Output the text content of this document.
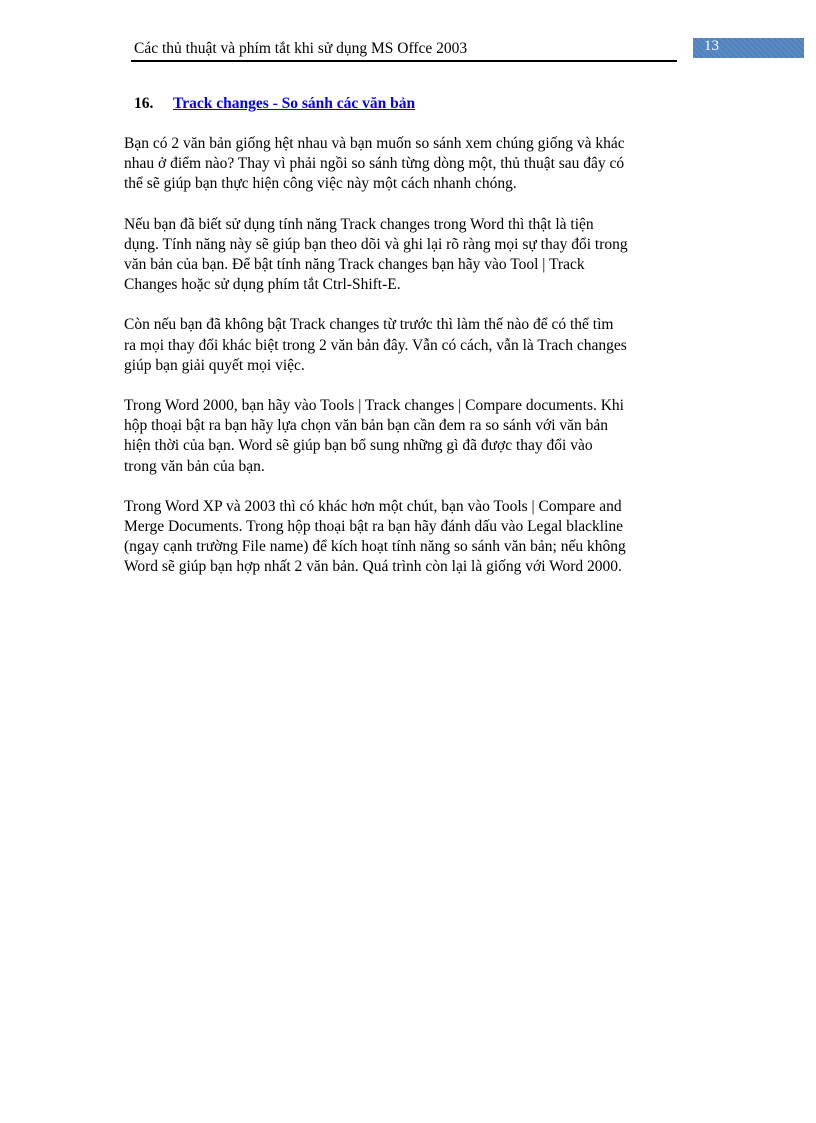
Các thủ thuật và phím tắt khi sử dụng MS Offce 2003	13
16. Track changes - So sánh các văn bản

Bạn có 2 văn bản giống hệt nhau và bạn muốn so sánh xem chúng giống và khác
nhau ở điểm nào? Thay vì phải ngồi so sánh từng dòng một, thủ thuật sau đây có
thể sẽ giúp bạn thực hiện công việc này một cách nhanh chóng.

Nếu bạn đã biết sử dụng tính năng Track changes trong Word thì thật là tiện
dụng. Tính năng này sẽ giúp bạn theo dõi và ghi lại rõ ràng mọi sự thay đổi trong
văn bản của bạn. Để bật tính năng Track changes bạn hãy vào Tool | Track
Changes hoặc sử dụng phím tắt Ctrl-Shift-E.

Còn nếu bạn đã không bật Track changes từ trước thì làm thế nào để có thể tìm
ra mọi thay đổi khác biệt trong 2 văn bản đây. Vẫn có cách, vẫn là Trach changes
giúp bạn giải quyết mọi việc.

Trong Word 2000, bạn hãy vào Tools | Track changes | Compare documents. Khi
hộp thoại bật ra bạn hãy lựa chọn văn bản bạn cần đem ra so sánh với văn bản
hiện thời của bạn. Word sẽ giúp bạn bổ sung những gì đã được thay đổi vào
trong văn bản của bạn.

Trong Word XP và 2003 thì có khác hơn một chút, bạn vào Tools | Compare and
Merge Documents. Trong hộp thoại bật ra bạn hãy đánh dấu vào Legal blackline
(ngay cạnh trường File name) để kích hoạt tính năng so sánh văn bản; nếu không
Word sẽ giúp bạn hợp nhất 2 văn bản. Quá trình còn lại là giống với Word 2000.
